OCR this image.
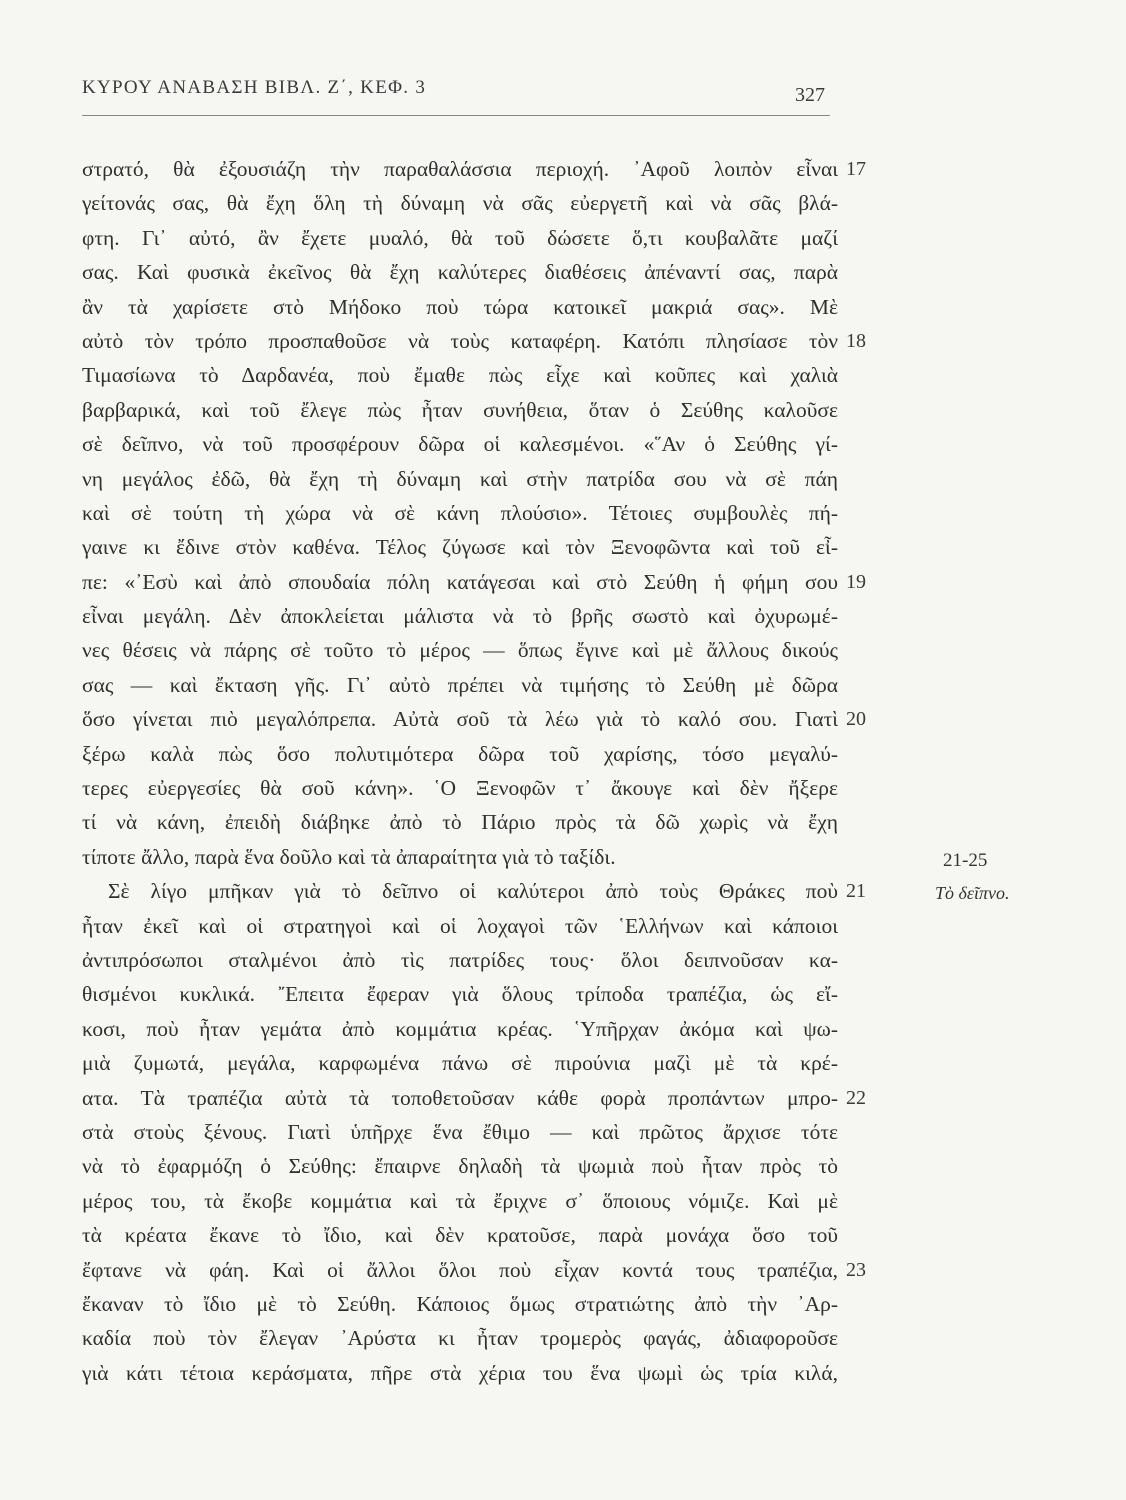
ΚΥΡΟΥ ΑΝΑΒΑΣΗ ΒΙΒΛ. Ζ΄, ΚΕΦ. 3	327
στρατό, θὰ ἐξουσιάζη τὴν παραθαλάσσια περιοχή. ᾿Αφοῦ λοιπὸν εἶναι
γείτονάς σας, θὰ ἔχη ὅλη τὴ δύναμη νὰ σᾶς εὐεργετῆ καὶ νὰ σᾶς βλά-
φτη. Γι᾿ αὐτό, ἂν ἔχετε μυαλό, θὰ τοῦ δώσετε ὅ,τι κουβαλᾶτε μαζί
σας. Καὶ φυσικὰ ἐκεῖνος θὰ ἔχη καλύτερες διαθέσεις ἀπέναντί σας, παρὰ
ἂν τὰ χαρίσετε στὸ Μήδοκο ποὺ τώρα κατοικεῖ μακριά σας». Μὲ
αὐτὸ τὸν τρόπο προσπαθοῦσε νὰ τοὺς καταφέρη. Κατόπι πλησίασε τὸν
Τιμασίωνα τὸ Δαρδανέα, ποὺ ἔμαθε πὼς εἶχε καὶ κοῦπες καὶ χαλιὰ
βαρβαρικά, καὶ τοῦ ἔλεγε πὼς ἦταν συνήθεια, ὅταν ὁ Σεύθης καλοῦσε
σὲ δεῖπνο, νὰ τοῦ προσφέρουν δῶρα οἱ καλεσμένοι. «῞Αν ὁ Σεύθης γί-
νη μεγάλος ἐδῶ, θὰ ἔχη τὴ δύναμη καὶ στὴν πατρίδα σου νὰ σὲ πάη
καὶ σὲ τούτη τὴ χώρα νὰ σὲ κάνη πλούσιο». Τέτοιες συμβουλὲς πή-
γαινε κι ἔδινε στὸν καθένα. Τέλος ζύγωσε καὶ τὸν Ξενοφῶντα καὶ τοῦ εἶ-
πε: «᾿Εσὺ καὶ ἀπὸ σπουδαία πόλη κατάγεσαι καὶ στὸ Σεύθη ἡ φήμη σου
εἶναι μεγάλη. Δὲν ἀποκλείεται μάλιστα νὰ τὸ βρῆς σωστὸ καὶ ὀχυρωμέ-
νες θέσεις νὰ πάρης σὲ τοῦτο τὸ μέρος — ὅπως ἔγινε καὶ μὲ ἄλλους δικούς
σας — καὶ ἔκταση γῆς. Γι᾿ αὐτὸ πρέπει νὰ τιμήσης τὸ Σεύθη μὲ δῶρα
ὅσο γίνεται πιὸ μεγαλόπρεπα. Αὐτὰ σοῦ τὰ λέω γιὰ τὸ καλό σου. Γιατὶ
ξέρω καλὰ πὼς ὅσο πολυτιμότερα δῶρα τοῦ χαρίσης, τόσο μεγαλύ-
τερες εὐεργεσίες θὰ σοῦ κάνη». ῾Ο Ξενοφῶν τ᾿ ἄκουγε καὶ δὲν ἤξερε
τί νὰ κάνη, ἐπειδὴ διάβηκε ἀπὸ τὸ Πάριο πρὸς τὰ δῶ χωρὶς νὰ ἔχη
τίποτε ἄλλο, παρὰ ἕνα δοῦλο καὶ τὰ ἀπαραίτητα γιὰ τὸ ταξίδι.
Σὲ λίγο μπῆκαν γιὰ τὸ δεῖπνο οἱ καλύτεροι ἀπὸ τοὺς Θράκες ποὺ
ἦταν ἐκεῖ καὶ οἱ στρατηγοὶ καὶ οἱ λοχαγοὶ τῶν ῾Ελλήνων καὶ κάποιοι
ἀντιπρόσωποι σταλμένοι ἀπὸ τὶς πατρίδες τους· ὅλοι δειπνοῦσαν κα-
θισμένοι κυκλικά. ῎Επειτα ἔφεραν γιὰ ὅλους τρίποδα τραπέζια, ὡς εἴ-
κοσι, ποὺ ἦταν γεμάτα ἀπὸ κομμάτια κρέας. ῾Υπῆρχαν ἀκόμα καὶ ψω-
μιὰ ζυμωτά, μεγάλα, καρφωμένα πάνω σὲ πιρούνια μαζὶ μὲ τὰ κρέ-
ατα. Τὰ τραπέζια αὐτὰ τὰ τοποθετοῦσαν κάθε φορὰ προπάντων μπρο-
στὰ στοὺς ξένους. Γιατὶ ὑπῆρχε ἕνα ἔθιμο — καὶ πρῶτος ἄρχισε τότε
νὰ τὸ ἐφαρμόζη ὁ Σεύθης: ἔπαιρνε δηλαδὴ τὰ ψωμιὰ ποὺ ἦταν πρὸς τὸ
μέρος του, τὰ ἔκοβε κομμάτια καὶ τὰ ἔριχνε σ᾿ ὅποιους νόμιζε. Καὶ μὲ
τὰ κρέατα ἔκανε τὸ ἴδιο, καὶ δὲν κρατοῦσε, παρὰ μονάχα ὅσο τοῦ
ἔφτανε νὰ φάη. Καὶ οἱ ἄλλοι ὅλοι ποὺ εἶχαν κοντά τους τραπέζια,
ἔκαναν τὸ ἴδιο μὲ τὸ Σεύθη. Κάποιος ὅμως στρατιώτης ἀπὸ τὴν ᾿Αρ-
καδία ποὺ τὸν ἔλεγαν ᾿Αρύστα κι ἦταν τρομερὸς φαγάς, ἀδιαφοροῦσε
γιὰ κάτι τέτοια κεράσματα, πῆρε στὰ χέρια του ἕνα ψωμὶ ὡς τρία κιλά,
17
18
19
20
21
22
23
21-25
Τὸ δεῖπνο.
